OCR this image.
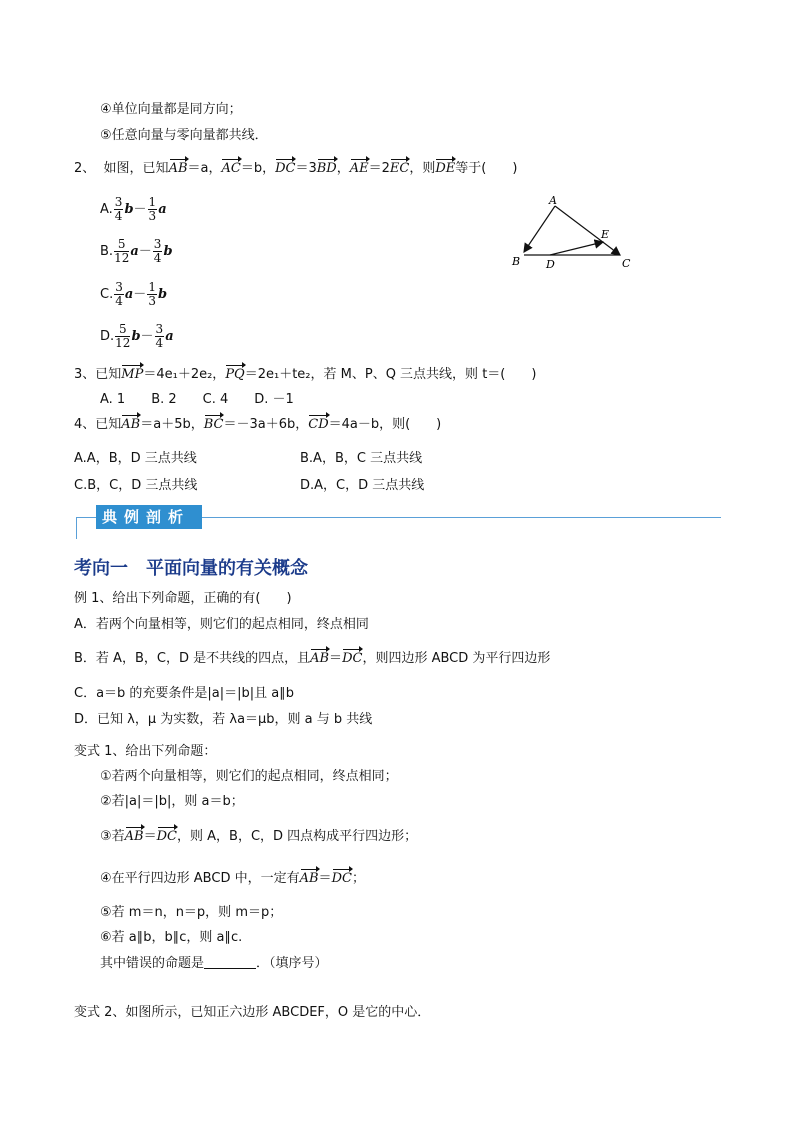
④单位向量都是同方向；
⑤任意向量与零向量都共线．
2、 如图，已知AB＝a，AC＝b，DC＝3BD，AE＝2EC，则DE等于(　　)
A. $\frac{3}{4} b- \frac{1}{3}$ a
B. $\frac{5}{12} a- \frac{3}{4}$ b
C. $\frac{3}{4} a- \frac{1}{3}$ b
D. $\frac{5}{12} b- \frac{3}{4}$ a
A
B	C
D
E
3、已知MP＝4e₁＋2e₂，PQ＝2e₁＋te₂，若 M、P、Q 三点共线，则 t＝(　　)
A. 1　　B. 2　　C. 4　　D. －1
4、已知AB＝a＋5b，BC＝－3a＋6b，CD＝4a－b，则(　　)
A.A，B，D 三点共线	B.A，B，C 三点共线
C.B，C，D 三点共线	D.A，C，D 三点共线
典例剖析
考向一　平面向量的有关概念
例 1、给出下列命题，正确的有(　　)
A．若两个向量相等，则它们的起点相同，终点相同
B．若 A，B，C，D 是不共线的四点，且AB＝DC，则四边形 ABCD 为平行四边形
C．a＝b 的充要条件是|a|＝|b|且 a∥b
D．已知 λ，μ 为实数，若 λa＝μb，则 a 与 b 共线
变式 1、给出下列命题：
①若两个向量相等，则它们的起点相同，终点相同；
②若|a|＝|b|，则 a＝b；
③若AB＝DC，则 A，B，C，D 四点构成平行四边形；
④在平行四边形 ABCD 中，一定有AB＝DC；
⑤若 m＝n，n＝p，则 m＝p；
⑥若 a∥b，b∥c，则 a∥c.
其中错误的命题是	．（填序号）
变式 2、如图所示，已知正六边形 ABCDEF，O 是它的中心．
